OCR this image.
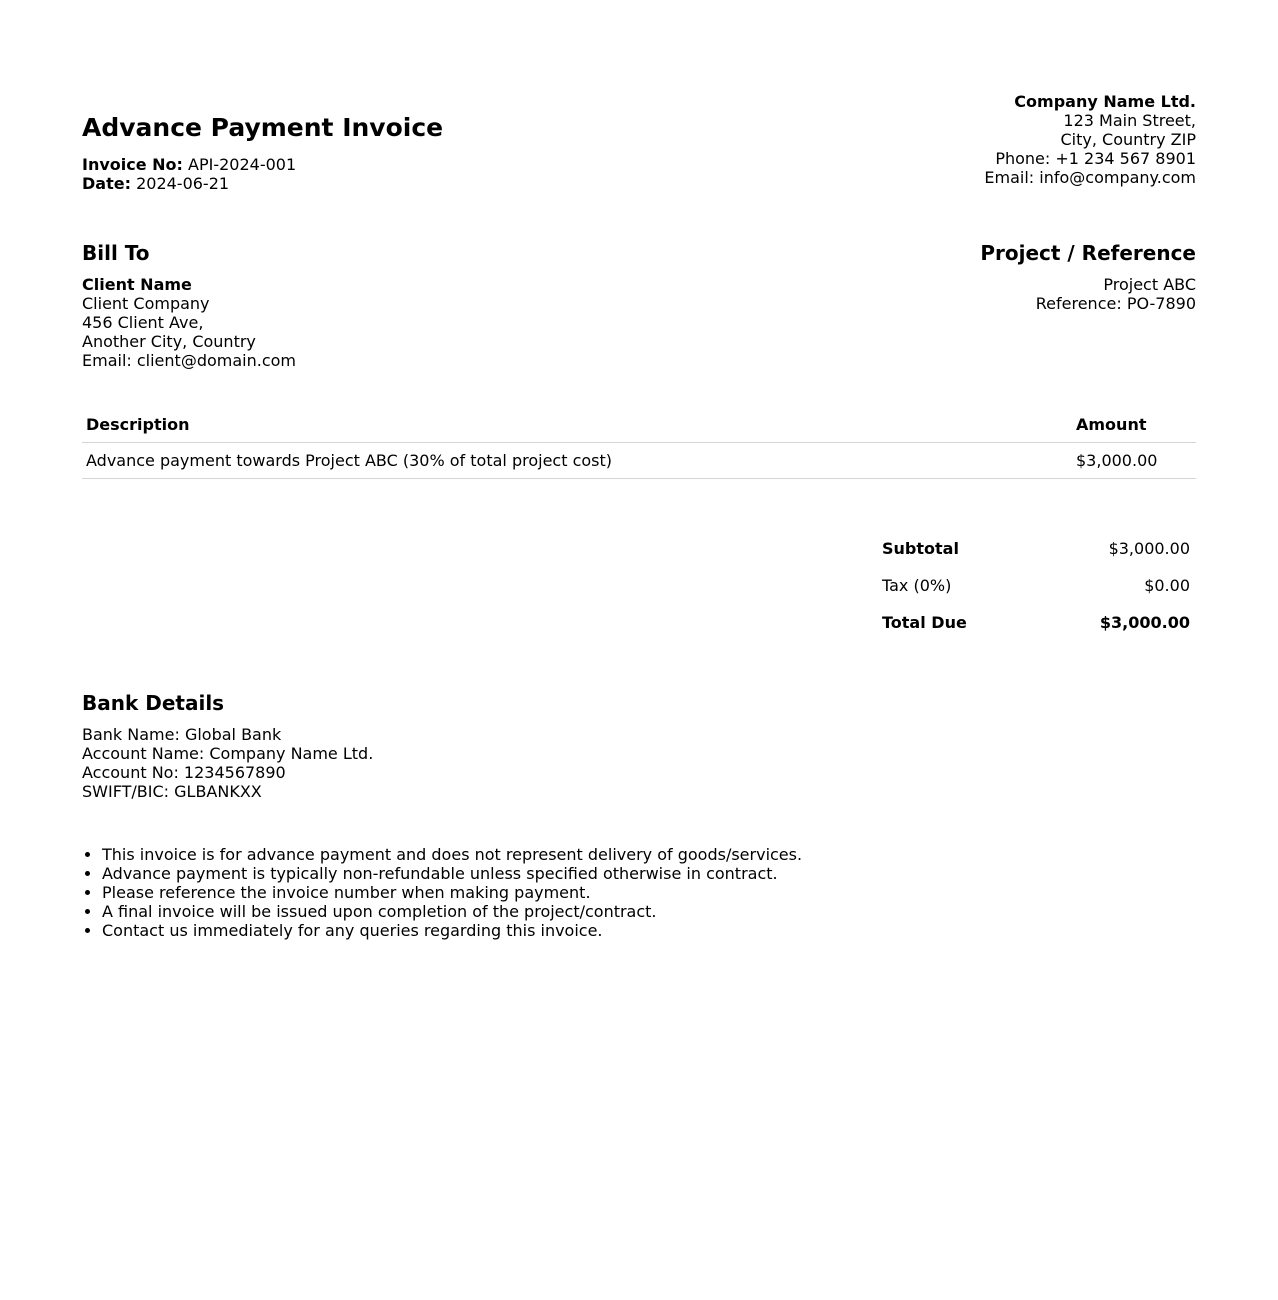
Advance Payment Invoice
Invoice No: API-2024-001
Date: 2024-06-21
Company Name Ltd.
123 Main Street,
City, Country ZIP
Phone: +1 234 567 8901
Email: info@company.com
Bill To
Client Name
Client Company
456 Client Ave,
Another City, Country
Email: client@domain.com
Project / Reference
Project ABC
Reference: PO-7890
Description	Amount
Advance payment towards Project ABC (30% of total project cost)	$3,000.00
Subtotal	$3,000.00
Tax (0%)	$0.00
Total Due	$3,000.00
Bank Details
Bank Name: Global Bank
Account Name: Company Name Ltd.
Account No: 1234567890
SWIFT/BIC: GLBANKXX
• This invoice is for advance payment and does not represent delivery of goods/services.
• Advance payment is typically non-refundable unless specified otherwise in contract.
• Please reference the invoice number when making payment.
• A final invoice will be issued upon completion of the project/contract.
• Contact us immediately for any queries regarding this invoice.
